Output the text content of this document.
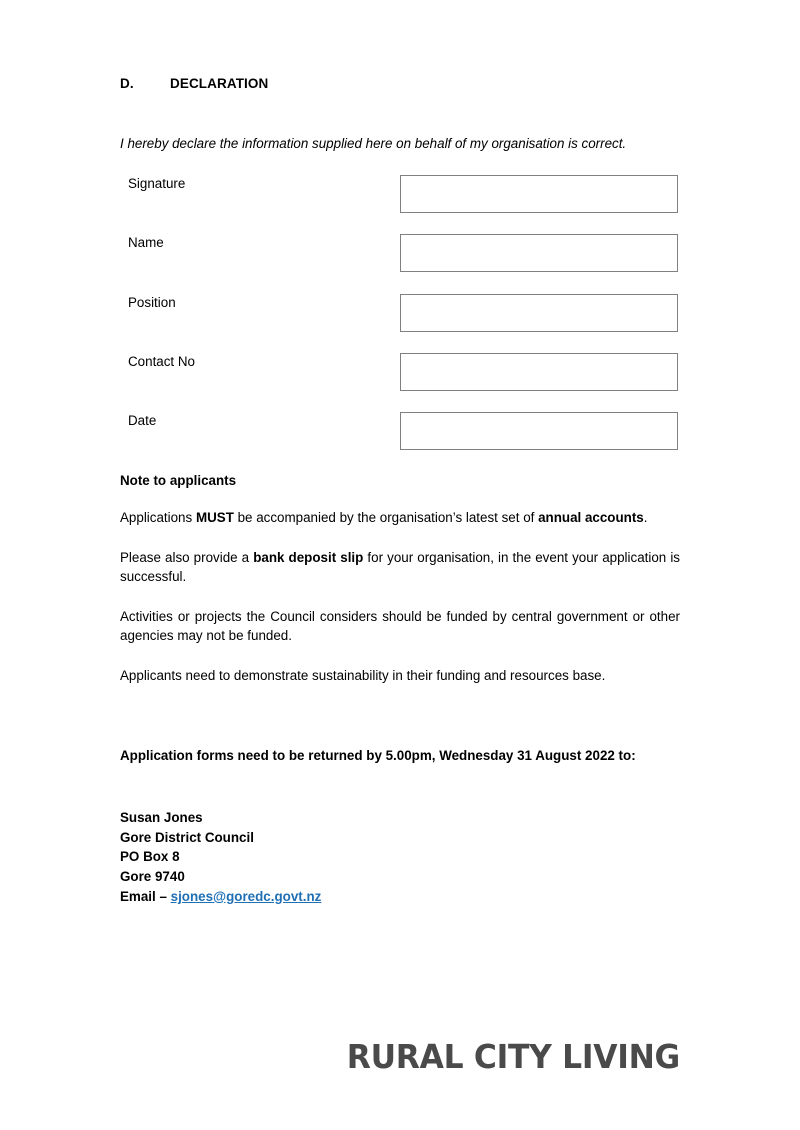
D.	DECLARATION
I hereby declare the information supplied here on behalf of my organisation is correct.
Signature
Name
Position
Contact No
Date

Note to applicants

Applications MUST be accompanied by the organisation’s latest set of annual accounts.

Please also provide a bank deposit slip for your organisation, in the event your application is successful.

Activities or projects the Council considers should be funded by central government or other agencies may not be funded.

Applicants need to demonstrate sustainability in their funding and resources base.

Application forms need to be returned by 5.00pm, Wednesday 31 August 2022 to:
Susan Jones
Gore District Council
PO Box 8
Gore 9740
Email – sjones@goredc.govt.nz
RURAL CITY LIVING
